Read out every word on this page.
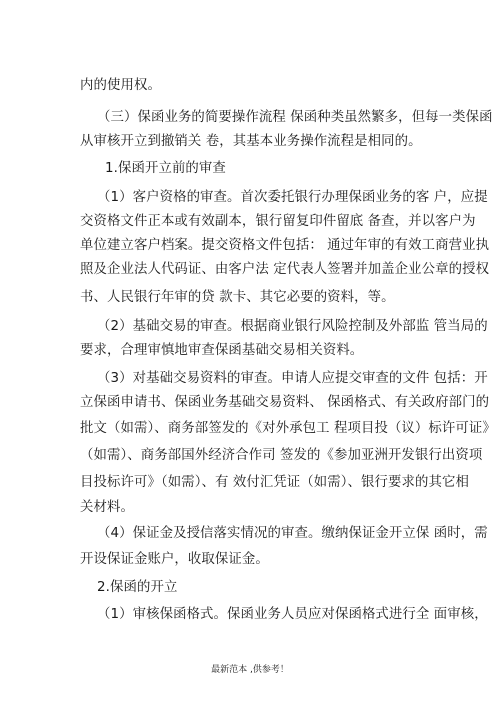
内的使用权。
（三）保函业务的简要操作流程 保函种类虽然繁多，但每一类保函
从审核开立到撤销关 卷，其基本业务操作流程是相同的。
1.保函开立前的审查
（1）客户资格的审查。首次委托银行办理保函业务的客 户，应提
交资格文件正本或有效副本，银行留复印件留底 备查，并以客户为
单位建立客户档案。提交资格文件包括： 通过年审的有效工商营业执
照及企业法人代码证、由客户法 定代表人签署并加盖企业公章的授权
书、人民银行年审的贷 款卡、其它必要的资料，等。
（2）基础交易的审查。根据商业银行风险控制及外部监 管当局的
要求，合理审慎地审查保函基础交易相关资料。
（3）对基础交易资料的审查。申请人应提交审查的文件 包括：开
立保函申请书、保函业务基础交易资料、 保函格式、有关政府部门的
批文（如需）、商务部签发的《对外承包工 程项目投（议）标许可证》
（如需）、商务部国外经济合作司 签发的《参加亚洲开发银行出资项
目投标许可》（如需）、有 效付汇凭证（如需）、银行要求的其它相
关材料。
（4）保证金及授信落实情况的审查。缴纳保证金开立保 函时，需
开设保证金账户，收取保证金。
2.保函的开立
（1）审核保函格式。保函业务人员应对保函格式进行全 面审核，
最新范本 ,供参考！
